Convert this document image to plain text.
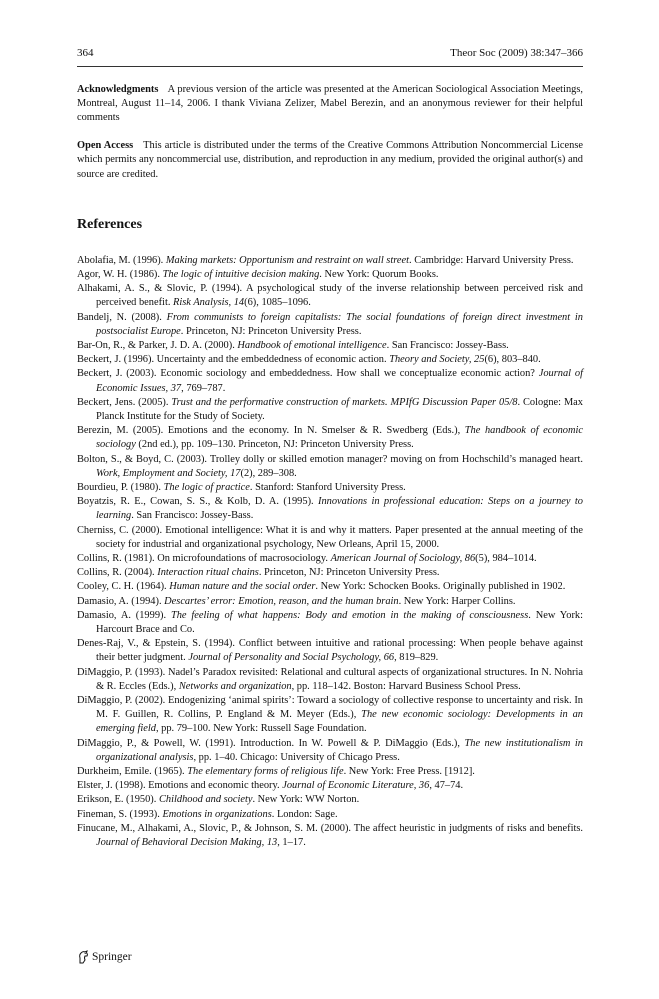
364	Theor Soc (2009) 38:347–366

Acknowledgments A previous version of the article was presented at the American Sociological Association Meetings, Montreal, August 11–14, 2006. I thank Viviana Zelizer, Mabel Berezin, and an anonymous reviewer for their helpful comments

Open Access This article is distributed under the terms of the Creative Commons Attribution Noncommercial License which permits any noncommercial use, distribution, and reproduction in any medium, provided the original author(s) and source are credited.

References

Abolafia, M. (1996). Making markets: Opportunism and restraint on wall street. Cambridge: Harvard University Press.

Agor, W. H. (1986). The logic of intuitive decision making. New York: Quorum Books.

Alhakami, A. S., & Slovic, P. (1994). A psychological study of the inverse relationship between perceived risk and perceived benefit. Risk Analysis, 14(6), 1085–1096.

Bandelj, N. (2008). From communists to foreign capitalists: The social foundations of foreign direct investment in postsocialist Europe. Princeton, NJ: Princeton University Press.

Bar-On, R., & Parker, J. D. A. (2000). Handbook of emotional intelligence. San Francisco: Jossey-Bass.

Beckert, J. (1996). Uncertainty and the embeddedness of economic action. Theory and Society, 25(6), 803–840.

Beckert, J. (2003). Economic sociology and embeddedness. How shall we conceptualize economic action? Journal of Economic Issues, 37, 769–787.

Beckert, Jens. (2005). Trust and the performative construction of markets. MPIfG Discussion Paper 05/8. Cologne: Max Planck Institute for the Study of Society.

Berezin, M. (2005). Emotions and the economy. In N. Smelser & R. Swedberg (Eds.), The handbook of economic sociology (2nd ed.), pp. 109–130. Princeton, NJ: Princeton University Press.

Bolton, S., & Boyd, C. (2003). Trolley dolly or skilled emotion manager? moving on from Hochschild’s managed heart. Work, Employment and Society, 17(2), 289–308.

Bourdieu, P. (1980). The logic of practice. Stanford: Stanford University Press.

Boyatzis, R. E., Cowan, S. S., & Kolb, D. A. (1995). Innovations in professional education: Steps on a journey to learning. San Francisco: Jossey-Bass.

Cherniss, C. (2000). Emotional intelligence: What it is and why it matters. Paper presented at the annual meeting of the society for industrial and organizational psychology, New Orleans, April 15, 2000.

Collins, R. (1981). On microfoundations of macrosociology. American Journal of Sociology, 86(5), 984–1014.

Collins, R. (2004). Interaction ritual chains. Princeton, NJ: Princeton University Press.

Cooley, C. H. (1964). Human nature and the social order. New York: Schocken Books. Originally published in 1902.

Damasio, A. (1994). Descartes’ error: Emotion, reason, and the human brain. New York: Harper Collins.

Damasio, A. (1999). The feeling of what happens: Body and emotion in the making of consciousness. New York: Harcourt Brace and Co.

Denes-Raj, V., & Epstein, S. (1994). Conflict between intuitive and rational processing: When people behave against their better judgment. Journal of Personality and Social Psychology, 66, 819–829.

DiMaggio, P. (1993). Nadel’s Paradox revisited: Relational and cultural aspects of organizational structures. In N. Nohria & R. Eccles (Eds.), Networks and organization, pp. 118–142. Boston: Harvard Business School Press.

DiMaggio, P. (2002). Endogenizing ‘animal spirits’: Toward a sociology of collective response to uncertainty and risk. In M. F. Guillen, R. Collins, P. England & M. Meyer (Eds.), The new economic sociology: Developments in an emerging field, pp. 79–100. New York: Russell Sage Foundation.

DiMaggio, P., & Powell, W. (1991). Introduction. In W. Powell & P. DiMaggio (Eds.), The new institutionalism in organizational analysis, pp. 1–40. Chicago: University of Chicago Press.

Durkheim, Emile. (1965). The elementary forms of religious life. New York: Free Press. [1912].

Elster, J. (1998). Emotions and economic theory. Journal of Economic Literature, 36, 47–74.

Erikson, E. (1950). Childhood and society. New York: WW Norton.

Fineman, S. (1993). Emotions in organizations. London: Sage.

Finucane, M., Alhakami, A., Slovic, P., & Johnson, S. M. (2000). The affect heuristic in judgments of risks and benefits. Journal of Behavioral Decision Making, 13, 1–17.

Springer
